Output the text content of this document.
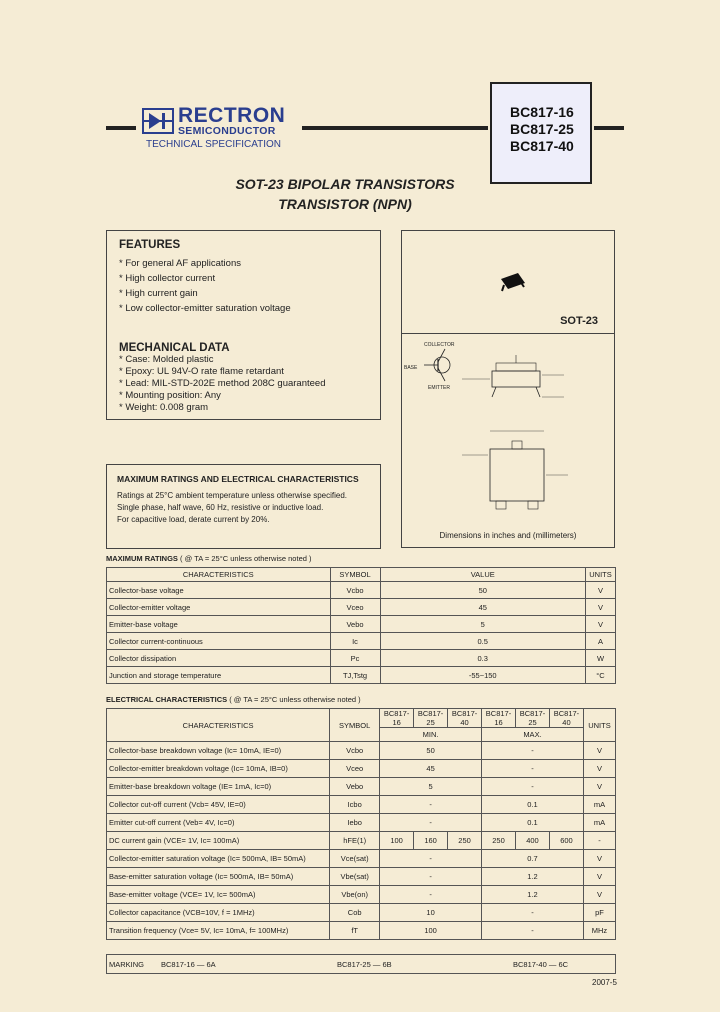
RECTRON
SEMICONDUCTOR
TECHNICAL SPECIFICATION
BC817-16
BC817-25
BC817-40
SOT-23 BIPOLAR TRANSISTORS
TRANSISTOR (NPN)
FEATURES
* For general AF applications
* High collector current
* High current gain
* Low collector-emitter saturation voltage
MECHANICAL DATA
* Case: Molded plastic
* Epoxy: UL 94V-O rate flame retardant
* Lead: MIL-STD-202E method 208C guaranteed
* Mounting position: Any
* Weight: 0.008 gram
SOT-23
COLLECTOR
BASE
EMITTER
Dimensions in inches and (millimeters)
MAXIMUM RATINGS AND ELECTRICAL CHARACTERISTICS
Ratings at 25°C ambient temperature unless otherwise specified.
Single phase, half wave, 60 Hz, resistive or inductive load.
For capacitive load, derate current by 20%.
MAXIMUM RATINGS ( @ TA = 25°C unless otherwise noted )
CHARACTERISTICS	SYMBOL	VALUE	UNITS
Collector-base voltage	Vcbo	50	V
Collector-emitter voltage	Vceo	45	V
Emitter-base voltage	Vebo	5	V
Collector current-continuous	Ic	0.5	A
Collector dissipation	Pc	0.3	W
Junction and storage temperature	TJ,Tstg	-55~150	°C
ELECTRICAL CHARACTERISTICS ( @ TA = 25°C unless otherwise noted )
CHARACTERISTICS	SYMBOL	BC817-16	BC817-25	BC817-40	BC817-16	BC817-25	BC817-40	UNITS
		MIN.			MAX.			
Collector-base breakdown voltage (Ic= 10mA, IE=0)	Vcbo	50			-			V
Collector-emitter breakdown voltage (Ic= 10mA, IB=0)	Vceo	45			-			V
Emitter-base breakdown voltage (IE= 1mA, Ic=0)	Vebo	5			-			V
Collector cut-off current (Vcb= 45V, IE=0)	Icbo	-			0.1			mA
Emitter cut-off current (Veb= 4V, Ic=0)	Iebo	-			0.1			mA
DC current gain (VCE= 1V, Ic= 100mA)	hFE(1)	100	160	250	250	400	600	-
Collector-emitter saturation voltage (Ic= 500mA, IB= 50mA)	Vce(sat)	-			0.7			V
Base-emitter saturation voltage (Ic= 500mA, IB= 50mA)	Vbe(sat)	-			1.2			V
Base-emitter voltage (VCE= 1V, Ic= 500mA)	Vbe(on)	-			1.2			V
Collector capacitance (VCB=10V, f = 1MHz)	Cob	10			-			pF
Transition frequency (Vce= 5V, Ic= 10mA, f= 100MHz)	fT	100			-			MHz
MARKING BC817-16 — 6A	BC817-25 — 6B	BC817-40 — 6C
2007-5
